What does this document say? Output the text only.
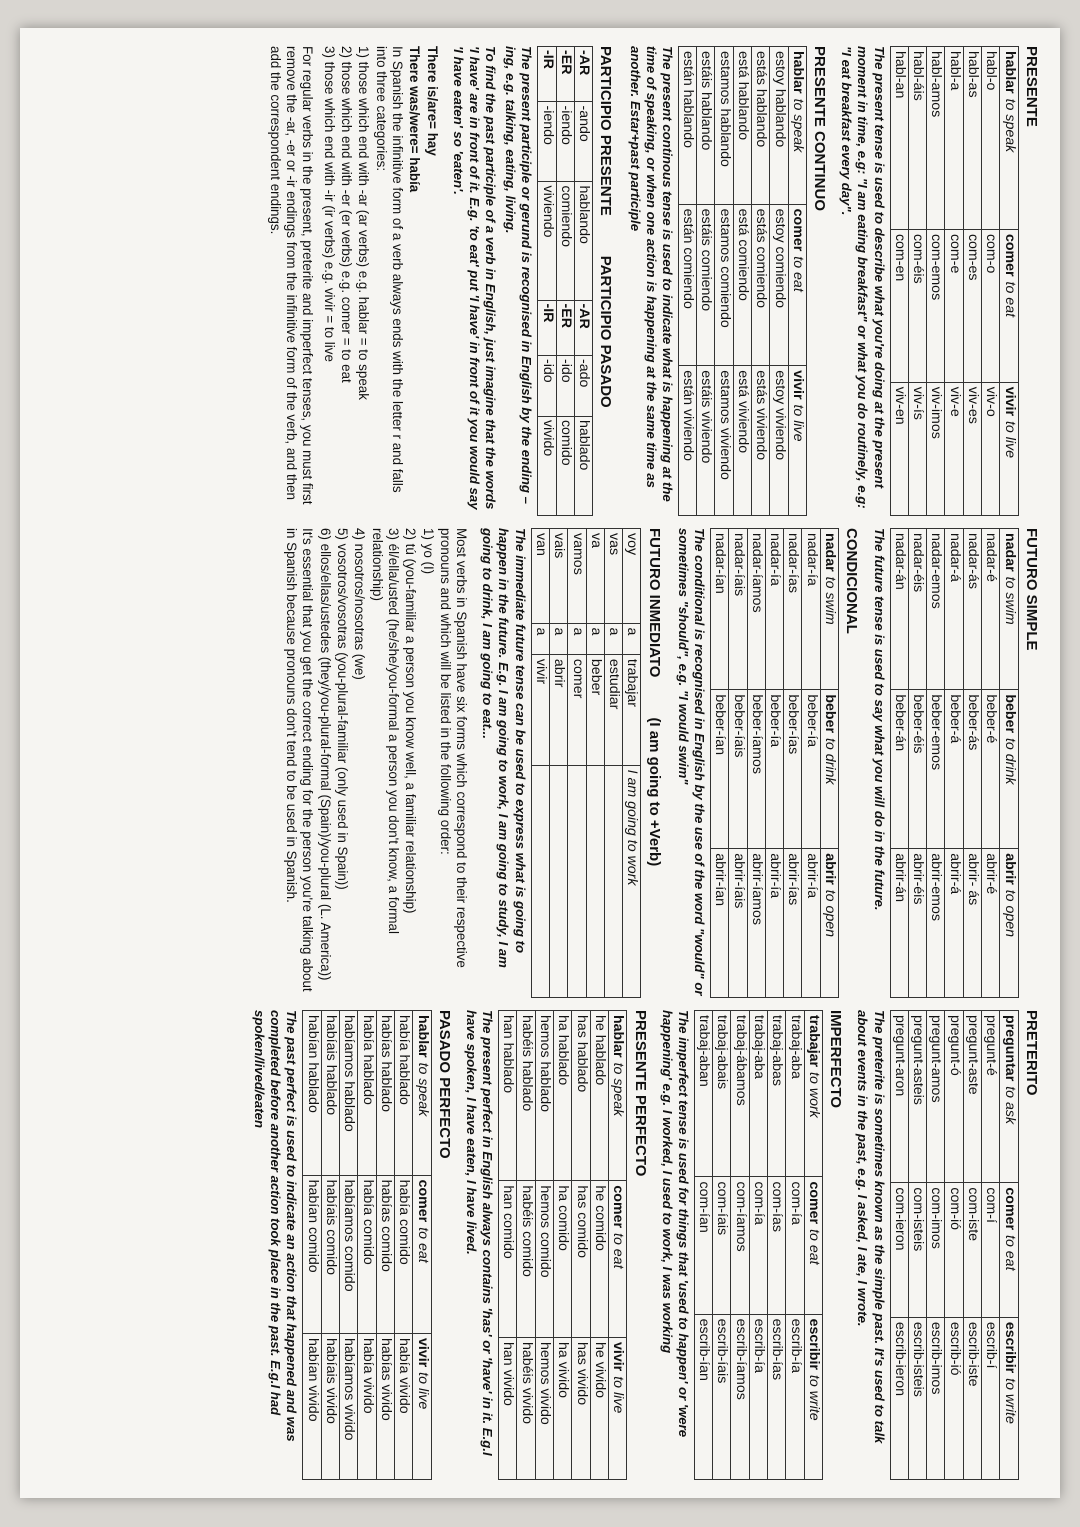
PRESENTE
hablarto speak	comerto eat	vivirto live
habl-o	com-o	viv-o
habl-as	com-es	viv-es
habl-a	com-e	viv-e
habl-amos	com-emos	viv-imos
habl-áis	com-éis	viv-ís
habl-an	com-en	viv-en
The present tense is used to describe what you're doing at the present moment in time, e.g: "I am eating breakfast" or what you do routinely, e.g: "I eat breakfast every day".
PRESENTE CONTINUO
hablarto speak	comerto eat	vivirto live
estoy hablando	estoy comiendo	estoy viviendo
estás hablando	estás comiendo	estás viviendo
está hablando	está comiendo	está viviendo
estamos hablando	estamos comiendo	estamos viviendo
estáis hablando	estáis comiendo	estáis viviendo
están hablando	están comiendo	están viviendo
The present continous tense is used to indicate what is happening at the time of speaking, or when one action is happening at the same time as another. Estar+past participle
PARTICIPIO PRESENTE
PARTICIPIO PASADO
-AR	-ando	hablando	-AR	-ado	hablado
-ER	-iendo	comiendo	-ER	-ido	comido
-IR	-iendo	viviendo	-IR	-ido	vivido
The present participle or gerund is recognised in English by the ending –ing, e.g. talking, eating, living.
To find the past participle of a verb in English, just imagine that the words 'I have' are in front of it. E.g. 'to eat' put 'I have' in front of it you would say 'I have eaten' so 'eaten'.
There is/are= hay
There was/were= había
In Spanish the infinitive form of a verb always ends with the letter r and falls into three categories:
1) those which end with -ar (ar verbs) e.g. hablar = to speak
2) those which end with -er (er verbs) e.g. comer = to eat
3) those which end with -ir (ir verbs) e.g. vivir = to live
For regular verbs in the present, preterite and imperfect tenses, you must first remove the -ar, -er or -ir endings from the infinitive form of the verb, and then add the correspondent endings.
FUTURO SIMPLE
nadarto swim	beberto drink	abrirto open
nadar-é	beber-é	abrir-é
nadar-ás	beber-ás	abrir- ás
nadar-á	beber-á	abrir-á
nadar-emos	beber-emos	abrir-emos
nadar-éis	beber-éis	abrir-éis
nadar-án	beber-án	abrir-án
The future tense is used to say what you will do in the future.
CONDICIONAL
nadarto swim	beberto drink	abrirto open
nadar-ía	beber-ía	abrir-ía
nadar-ías	beber-ías	abrir-ías
nadar-ía	beber-ía	abrir-ía
nadar-íamos	beber-íamos	abrir-íamos
nadar-íais	beber-íais	abrir-íais
nadar-ían	beber-ían	abrir-ían
The conditional is recognised in English by the use of the word "would" or sometimes "should", e.g. "I would swim"
FUTURO INMEDIATO
(I am going to +Verb)
voy	a	trabajar	I am going to work
vas	a	estudiar	
va	a	beber	
vamos	a	comer	
vais	a	abrir	
van	a	vivir	
The immediate future tense can be used to express what is going to happen in the future. E.g. I am going to work, I am going to study, I am going to drink, I am going to eat...
Most verbs in Spanish have six forms which correspond to their respective pronouns and which will be listed in the following order:
1) yo (I)
2) tú (you-familiar a person you know well, a familiar relationship)
3) él/ella/usted (he/she/you-formal a person you don't know, a formal relationship)
4) nosotros/nosotras (we)
5) vosotros/vosotras (you-plural-familiar (only used in Spain))
6) ellos/ellas/ustedes (they/you-plural-formal (Spain)/you-plural (L. America))
It's essential that you get the correct ending for the person you're talking about in Spanish because pronouns don't tend to be used in Spanish.
PRETERITO
preguntarto ask	comerto eat	escribirto write
pregunt-é	com-í	escrib-í
pregunt-aste	com-iste	escrib-iste
pregunt-ó	com-ió	escrib-ió
pregunt-amos	com-imos	escrib-imos
pregunt-asteis	com-isteis	escrib-isteis
pregunt-aron	com-ieron	escrib-ieron
The preterite is sometimes known as the simple past. It's used to talk about events in the past, e.g. I asked, I ate, I wrote.
IMPERFECTO
trabajarto work	comerto eat	escribirto write
trabaj-aba	com-ía	escrib-ía
trabaj-abas	com-ías	escrib-ías
trabaj-aba	com-ía	escrib-ía
trabaj-ábamos	com-íamos	escrib-íamos
trabaj-abais	com-íais	escrib-íais
trabaj-aban	com-ían	escrib-ían
The imperfect tense is used for things that 'used to happen' or 'were happening' e.g. I worked, I used to work, I was working
PRESENTE PERFECTO
hablarto speak	comerto eat	vivirto live
he hablado	he comido	he vivido
has hablado	has comido	has vivido
ha hablado	ha comido	ha vivido
hemos hablado	hemos comido	hemos vivido
habéis hablado	habéis comido	habéis vivido
han hablado	han comido	han vivido
The present perfect in English always contains 'has' or 'have' in it. E.g.I have spoken, I have eaten, I have lived.
PASADO PERFECTO
hablarto speak	comerto eat	vivirto live
había hablado	había comido	había vivido
habías hablado	habías comido	habías vivido
había hablado	había comido	había vivido
habíamos hablado	habíamos comido	habíamos vivido
habíais hablado	habíais comido	habíais vivido
habían hablado	habían comido	habían vivido
The past perfect is used to indicate an action that happened and was completed before another action took place in the past. E.g.I had spoken/lived/eaten
